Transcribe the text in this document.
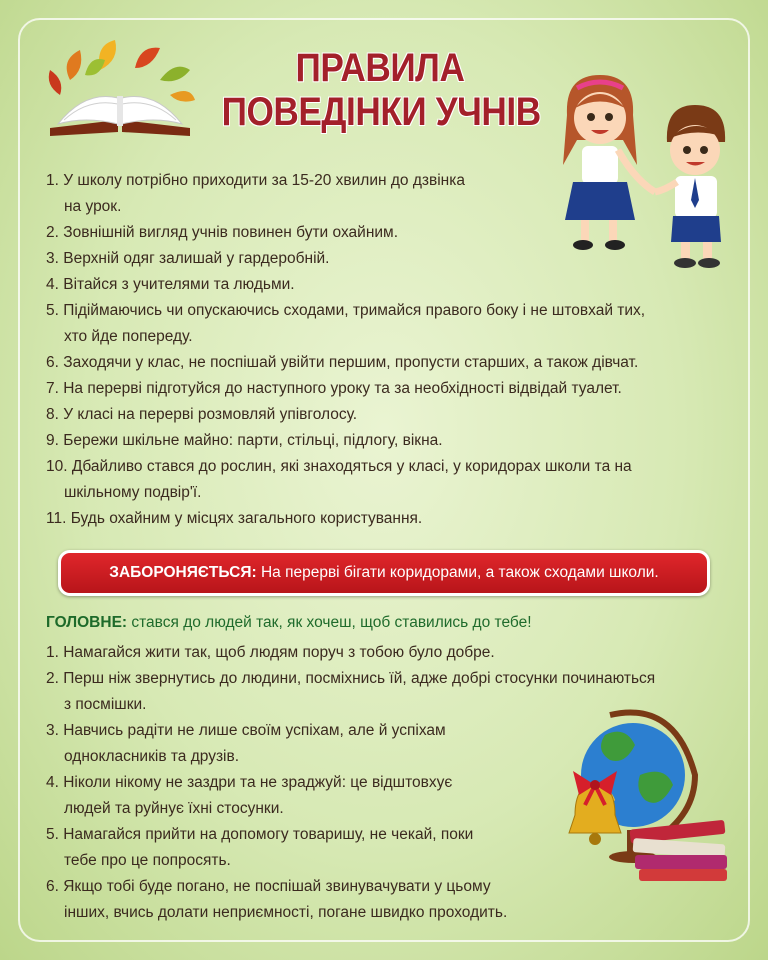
ПРАВИЛА
ПОВЕДІНКИ УЧНІВ
1. У школу потрібно приходити за 15-20 хвилин до дзвінка
на урок.
2. Зовнішній вигляд учнів повинен бути охайним.
3. Верхній одяг залишай у гардеробній.
4. Вітайся з учителями та людьми.
5. Підіймаючись чи опускаючись сходами, тримайся правого боку і не штовхай тих,
хто йде попереду.
6. Заходячи у клас, не поспішай увійти першим, пропусти старших, а також дівчат.
7. На перерві підготуйся до наступного уроку та за необхідності відвідай туалет.
8. У класі на перерві розмовляй упівголосу.
9. Бережи шкільне майно: парти, стільці, підлогу, вікна.
10. Дбайливо стався до рослин, які знаходяться у класі, у коридорах школи та на
шкільному подвір'ї.
11. Будь охайним у місцях загального користування.
ЗАБОРОНЯЄТЬСЯ: На перерві бігати коридорами, а також сходами школи.
ГОЛОВНЕ: стався до людей так, як хочеш, щоб ставились до тебе!
1. Намагайся жити так, щоб людям поруч з тобою було добре.
2. Перш ніж звернутись до людини, посміхнись їй, адже добрі стосунки починаються
з посмішки.
3. Навчись радіти не лише своїм успіхам, але й успіхам
однокласників та друзів.
4. Ніколи нікому не заздри та не зраджуй: це відштовхує
людей та руйнує їхні стосунки.
5. Намагайся прийти на допомогу товаришу, не чекай, поки
тебе про це попросять.
6. Якщо тобі буде погано, не поспішай звинувачувати у цьому
інших, вчись долати неприємності, погане швидко проходить.
